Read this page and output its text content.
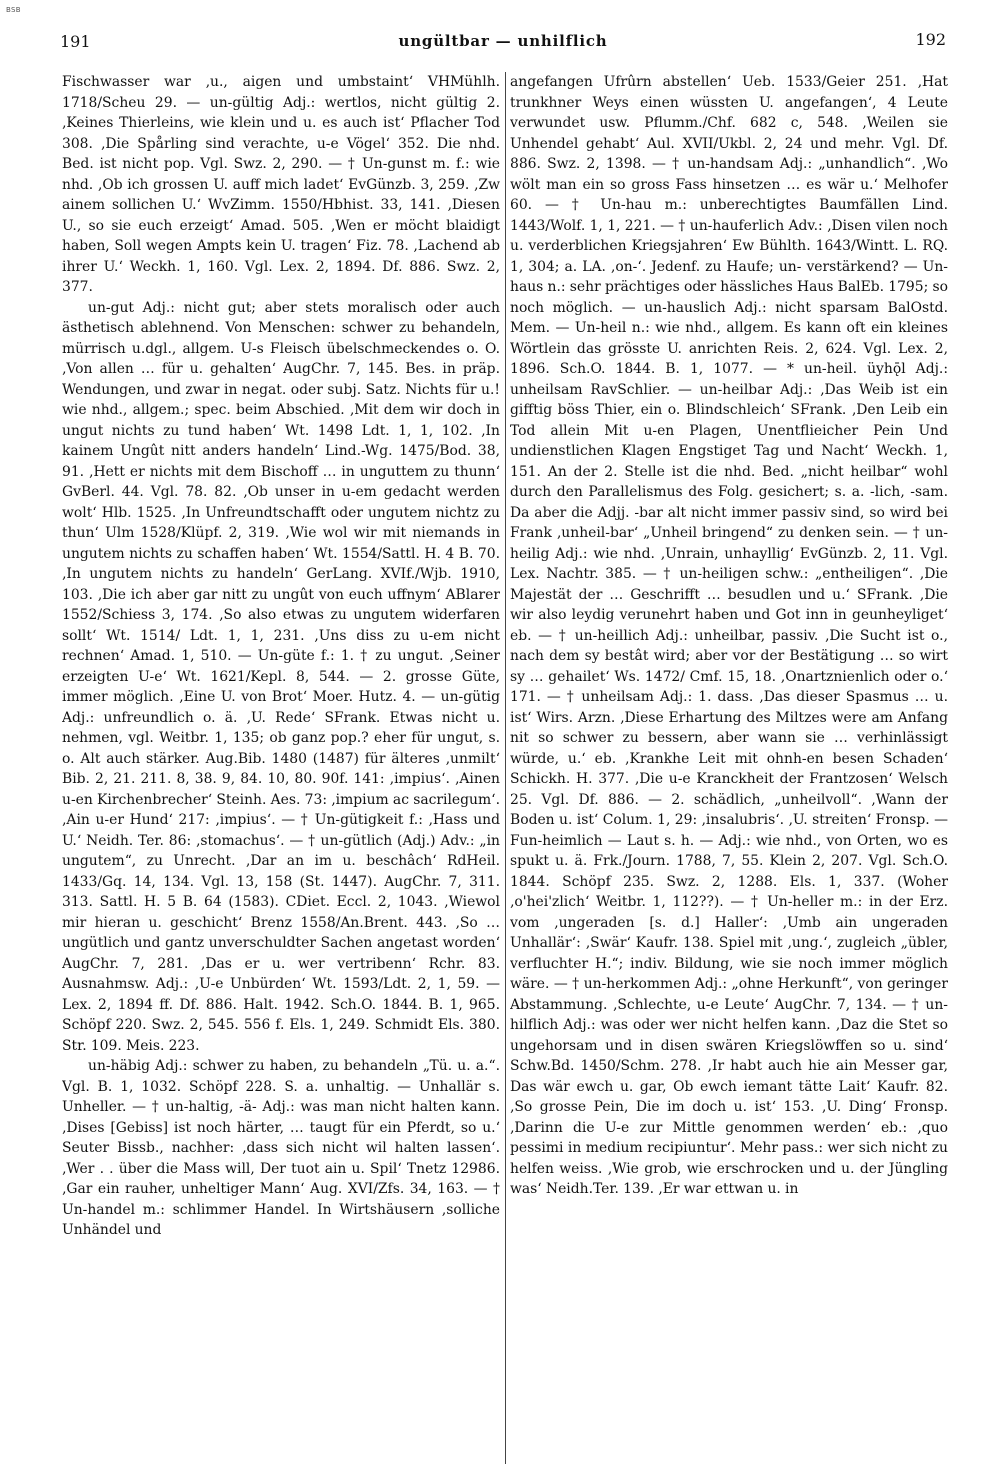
BSB
191	ungültbar — unhilflich	192

Fischwasser war ‚u., aigen und umbstaint‘ VHMühlh. 1718/Scheu 29. — un-gültig Adj.: wertlos, nicht gültig 2. ‚Keines Thierleins, wie klein und u. es auch ist‘ Pflacher Tod 308. ‚Die Spårling sind verachte, u-e Vögel‘ 352. Die nhd. Bed. ist nicht pop. Vgl. Swz. 2, 290. — † Un-gunst m. f.: wie nhd. ‚Ob ich grossen U. auff mich ladet‘ EvGünzb. 3, 259. ‚Zw ainem sollichen U.‘ WvZimm. 1550/Hbhist. 33, 141. ‚Diesen U., so sie euch erzeigt‘ Amad. 505. ‚Wen er möcht blaidigt haben, Soll wegen Ampts kein U. tragen‘ Fiz. 78. ‚Lachend ab ihrer U.‘ Weckh. 1, 160. Vgl. Lex. 2, 1894. Df. 886. Swz. 2, 377.

un-gut Adj.: nicht gut; aber stets moralisch oder auch ästhetisch ablehnend. Von Menschen: schwer zu behandeln, mürrisch u.dgl., allgem. U-s Fleisch übelschmeckendes o. O. ‚Von allen … für u. gehalten‘ AugChr. 7, 145. Bes. in präp. Wendungen, und zwar in negat. oder subj. Satz. Nichts für u.! wie nhd., allgem.; spec. beim Abschied. ‚Mit dem wir doch in ungut nichts zu tund haben‘ Wt. 1498 Ldt. 1, 1, 102. ‚In kainem Ungût nitt anders handeln‘ Lind.-Wg. 1475/Bod. 38, 91. ‚Hett er nichts mit dem Bischoff … in unguttem zu thunn‘ GvBerl. 44. Vgl. 78. 82. ‚Ob unser in u-em gedacht werden wolt‘ Hlb. 1525. ‚In Unfreundtschafft oder ungutem nichtz zu thun‘ Ulm 1528/Klüpf. 2, 319. ‚Wie wol wir mit niemands in ungutem nichts zu schaffen haben‘ Wt. 1554/Sattl. H. 4 B. 70. ‚In ungutem nichts zu handeln‘ GerLang. XVIf./Wjb. 1910, 103. ‚Die ich aber gar nitt zu ungût von euch uffnym‘ ABlarer 1552/Schiess 3, 174. ‚So also etwas zu ungutem widerfaren sollt‘ Wt. 1514/ Ldt. 1, 1, 231. ‚Uns diss zu u-em nicht rechnen‘ Amad. 1, 510. — Un-güte f.: 1. † zu ungut. ‚Seiner erzeigten U-e‘ Wt. 1621/Kepl. 8, 544. — 2. grosse Güte, immer möglich. ‚Eine U. von Brot‘ Moer. Hutz. 4. — un-gütig Adj.: unfreundlich o. ä. ‚U. Rede‘ SFrank. Etwas nicht u. nehmen, vgl. Weitbr. 1, 135; ob ganz pop.? eher für ungut, s. o. Alt auch stärker. Aug.Bib. 1480 (1487) für älteres ‚unmilt‘ Bib. 2, 21. 211. 8, 38. 9, 84. 10, 80. 90f. 141: ‚impius‘. ‚Ainen u-en Kirchenbrecher‘ Steinh. Aes. 73: ‚impium ac sacrilegum‘. ‚Ain u-er Hund‘ 217: ‚impius‘. — † Un-gütigkeit f.: ‚Hass und U.‘ Neidh. Ter. 86: ‚stomachus‘. — † un-gütlich (Adj.) Adv.: „in ungutem“, zu Unrecht. ‚Dar an im u. beschâch‘ RdHeil. 1433/Gq. 14, 134. Vgl. 13, 158 (St. 1447). AugChr. 7, 311. 313. Sattl. H. 5 B. 64 (1583). CDiet. Eccl. 2, 1043. ‚Wiewol mir hieran u. geschicht‘ Brenz 1558/An.Brent. 443. ‚So … ungütlich und gantz unverschuldter Sachen angetast worden‘ AugChr. 7, 281. ‚Das er u. wer vertribenn‘ Rchr. 83. Ausnahmsw. Adj.: ‚U-e Unbürden‘ Wt. 1593/Ldt. 2, 1, 59. — Lex. 2, 1894 ff. Df. 886. Halt. 1942. Sch.O. 1844. B. 1, 965. Schöpf 220. Swz. 2, 545. 556 f. Els. 1, 249. Schmidt Els. 380. Str. 109. Meis. 223.

un-häbig Adj.: schwer zu haben, zu behandeln „Tü. u. a.“. Vgl. B. 1, 1032. Schöpf 228. S. a. unhaltig. — Unhallär s. Unheller. — † un-haltig, -ä- Adj.: was man nicht halten kann. ‚Dises [Gebiss] ist noch härter, … taugt für ein Pferdt, so u.‘ Seuter Bissb., nachher: ‚dass sich nicht wil halten lassen‘. ‚Wer . . über die Mass will, Der tuot ain u. Spil‘ Tnetz 12986. ‚Gar ein rauher, unheltiger Mann‘ Aug. XVI/Zfs. 34, 163. — † Un-handel m.: schlimmer Handel. In Wirtshäusern ‚solliche Unhändel und

angefangen Ufrûrn abstellen‘ Ueb. 1533/Geier 251. ‚Hat trunkhner Weys einen wüssten U. angefangen‘, 4 Leute verwundet usw. Pflumm./Chf. 682 c, 548. ‚Weilen sie Unhendel gehabt‘ Aul. XVII/Ukbl. 2, 24 und mehr. Vgl. Df. 886. Swz. 2, 1398. — † un-handsam Adj.: „unhandlich“. ‚Wo wölt man ein so gross Fass hinsetzen … es wär u.‘ Melhofer 60. — † Un-hau m.: unberechtigtes Baumfällen Lind. 1443/Wolf. 1, 1, 221. — † un-hauferlich Adv.: ‚Disen vilen noch u. verderblichen Kriegsjahren‘ Ew Bühlth. 1643/Wintt. L. RQ. 1, 304; a. LA. ‚on-‘. Jedenf. zu Haufe; un- verstärkend? — Un-haus n.: sehr prächtiges oder hässliches Haus BalEb. 1795; so noch möglich. — un-hauslich Adj.: nicht sparsam BalOstd. Mem. — Un-heil n.: wie nhd., allgem. Es kann oft ein kleines Wörtlein das grösste U. anrichten Reis. 2, 624. Vgl. Lex. 2, 1896. Sch.O. 1844. B. 1, 1077. — * un-heil. üyhǭl Adj.: unheilsam RavSchlier. — un-heilbar Adj.: ‚Das Weib ist ein gifftig böss Thier, ein o. Blindschleich‘ SFrank. ‚Den Leib ein Tod allein Mit u-en Plagen, Unentflieicher Pein Und undienstlichen Klagen Engstiget Tag und Nacht‘ Weckh. 1, 151. An der 2. Stelle ist die nhd. Bed. „nicht heilbar“ wohl durch den Parallelismus des Folg. gesichert; s. a. -lich, -sam. Da aber die Adjj. -bar alt nicht immer passiv sind, so wird bei Frank ‚unheil-bar‘ „Unheil bringend“ zu denken sein. — † un-heilig Adj.: wie nhd. ‚Unrain, unhayllig‘ EvGünzb. 2, 11. Vgl. Lex. Nachtr. 385. — † un-heiligen schw.: „entheiligen“. ‚Die Majestät der … Geschrifft … besudlen und u.‘ SFrank. ‚Die wir also leydig verunehrt haben und Got inn in geunheyliget‘ eb. — † un-heillich Adj.: unheilbar, passiv. ‚Die Sucht ist o., nach dem sy bestât wird; aber vor der Bestätigung … so wirt sy … gehailet‘ Ws. 1472/ Cmf. 15, 18. ‚Onartznienlich oder o.‘ 171. — † unheilsam Adj.: 1. dass. ‚Das dieser Spasmus … u. ist‘ Wirs. Arzn. ‚Diese Erhartung des Miltzes were am Anfang nit so schwer zu bessern, aber wann sie … verhinlässigt würde, u.‘ eb. ‚Krankhe Leit mit ohnh-en besen Schaden‘ Schickh. H. 377. ‚Die u-e Kranckheit der Frantzosen‘ Welsch 25. Vgl. Df. 886. — 2. schädlich, „unheilvoll“. ‚Wann der Boden u. ist‘ Colum. 1, 29: ‚insalubris‘. ‚U. streiten‘ Fronsp. — Fun-heimlich — Laut s. h. — Adj.: wie nhd., von Orten, wo es spukt u. ä. Frk./Journ. 1788, 7, 55. Klein 2, 207. Vgl. Sch.O. 1844. Schöpf 235. Swz. 2, 1288. Els. 1, 337. (Woher ‚o'hei'zlich‘ Weitbr. 1, 112??). — † Un-heller m.: in der Erz. vom ‚ungeraden [s. d.] Haller‘: ‚Umb ain ungeraden Unhallär‘: ‚Swär‘ Kaufr. 138. Spiel mit ‚ung.‘, zugleich „übler, verfluchter H.“; indiv. Bildung, wie sie noch immer möglich wäre. — † un-herkommen Adj.: „ohne Herkunft“, von geringer Abstammung. ‚Schlechte, u-e Leute‘ AugChr. 7, 134. — † un-hilflich Adj.: was oder wer nicht helfen kann. ‚Daz die Stet so ungehorsam und in disen swären Kriegslöwffen so u. sind‘ Schw.Bd. 1450/Schm. 278. ‚Ir habt auch hie ain Messer gar, Das wär ewch u. gar, Ob ewch iemant tätte Lait‘ Kaufr. 82. ‚So grosse Pein, Die im doch u. ist‘ 153. ‚U. Ding‘ Fronsp. ‚Darinn die U-e zur Mittle genommen werden‘ eb.: ‚quo pessimi in medium recipiuntur‘. Mehr pass.: wer sich nicht zu helfen weiss. ‚Wie grob, wie erschrocken und u. der Jüngling was‘ Neidh.Ter. 139. ‚Er war ettwan u. in
